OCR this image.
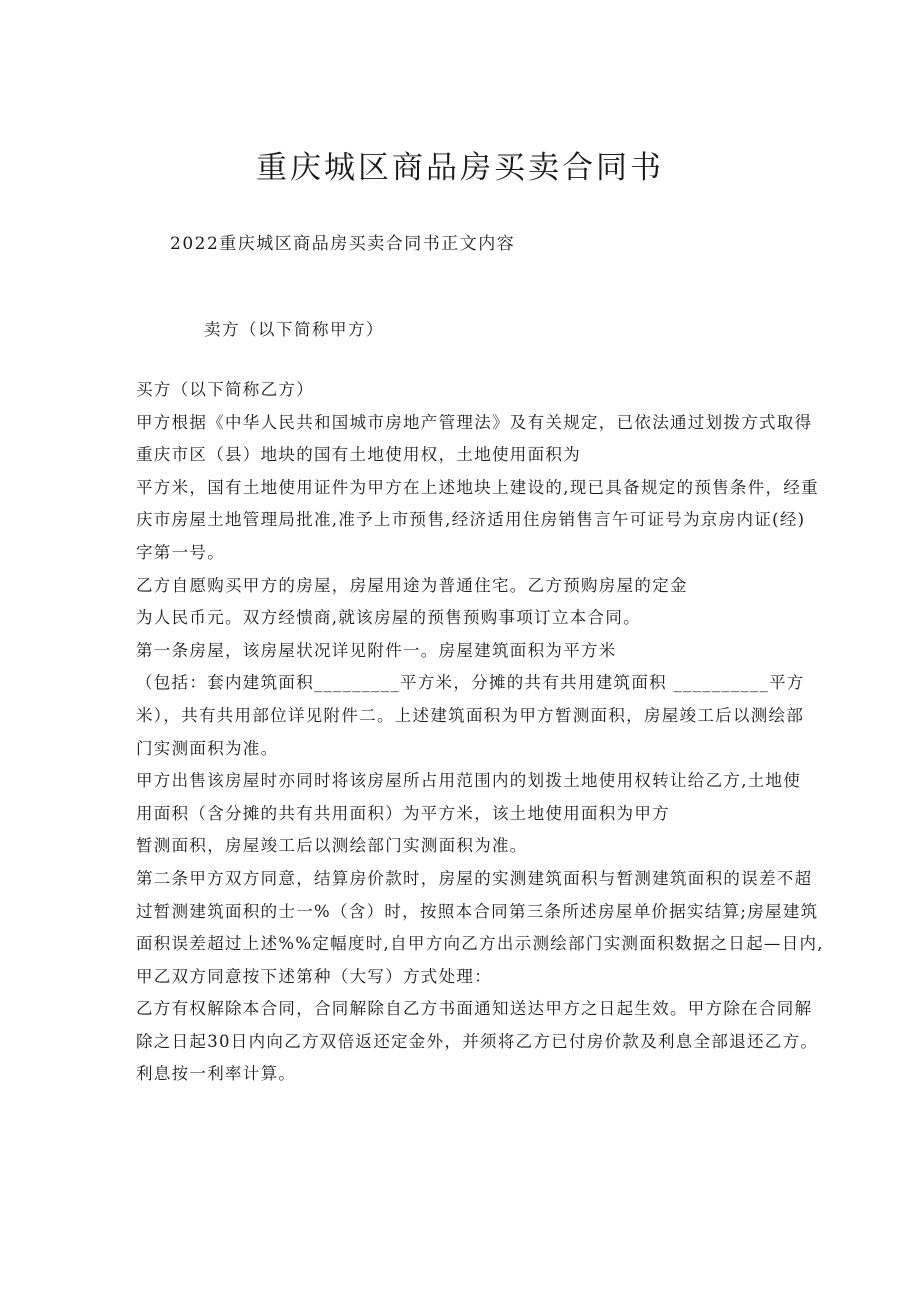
重庆城区商品房买卖合同书
2022重庆城区商品房买卖合同书正文内容
卖方（以下简称甲方）
买方（以下简称乙方）
甲方根据《中华人民共和国城市房地产管理法》及有关规定，已依法通过划拨方式取得
重庆市区（县）地块的国有土地使用权，土地使用面积为
平方米，国有土地使用证件为甲方在上述地块上建设的,现已具备规定的预售条件，经重
庆市房屋土地管理局批准,准予上市预售,经济适用住房销售言午可证号为京房内证(经)
字第一号。
乙方自愿购买甲方的房屋，房屋用途为普通住宅。乙方预购房屋的定金
为人民币元。双方经愦商,就该房屋的预售预购事项订立本合同。
第一条房屋，该房屋状况详见附件一。房屋建筑面积为平方米
（包括：套内建筑面积_________平方米，分摊的共有共用建筑面积 __________平方
米），共有共用部位详见附件二。上述建筑面积为甲方暂测面积，房屋竣工后以测绘部
门实测面积为准。
甲方出售该房屋时亦同时将该房屋所占用范围内的划拨土地使用权转让给乙方,土地使
用面积（含分摊的共有共用面积）为平方米，该土地使用面积为甲方
暂测面积，房屋竣工后以测绘部门实测面积为准。
第二条甲方双方同意，结算房价款时，房屋的实测建筑面积与暂测建筑面积的误差不超
过暂测建筑面积的士一%（含）时，按照本合同第三条所述房屋单价据实结算;房屋建筑
面积误差超过上述%%定幅度时,自甲方向乙方出示测绘部门实测面积数据之日起—日内,
甲乙双方同意按下述第种（大写）方式处理：
乙方有权解除本合同，合同解除自乙方书面通知送达甲方之日起生效。甲方除在合同解
除之日起30日内向乙方双倍返还定金外，并须将乙方已付房价款及利息全部退还乙方。
利息按一利率计算。
